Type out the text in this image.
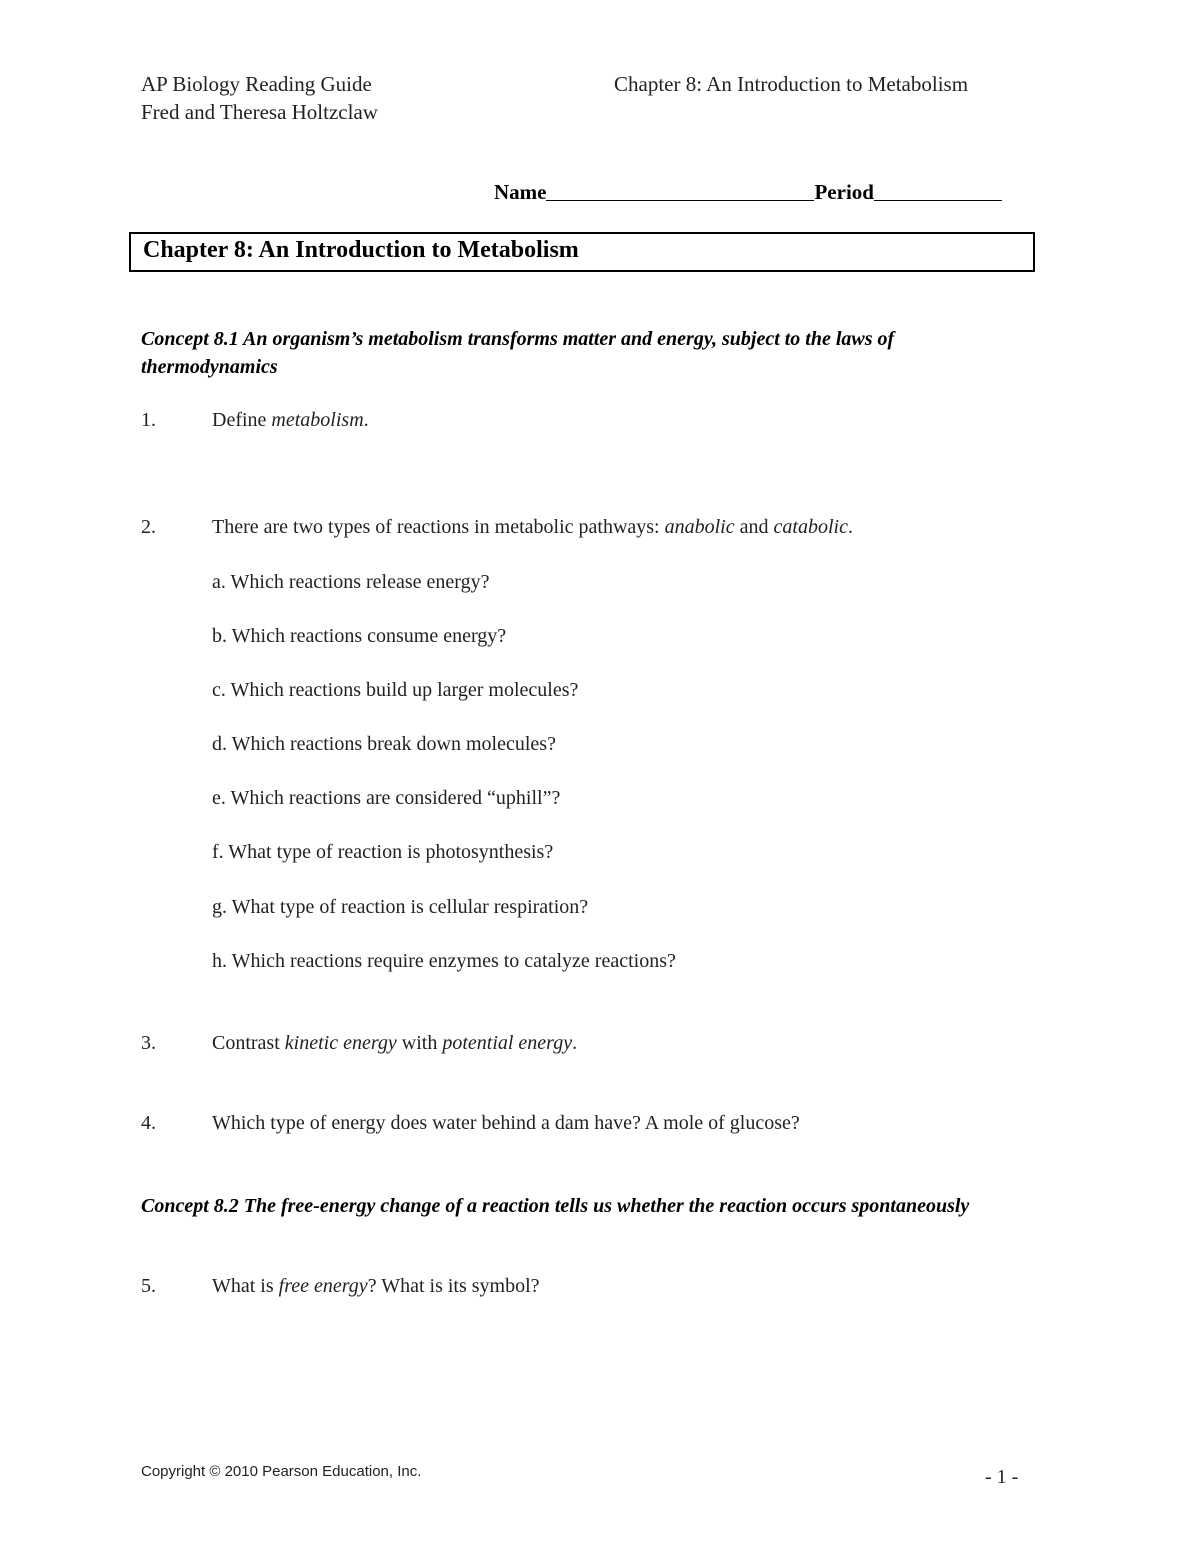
AP Biology Reading Guide
Fred and Theresa Holtzclaw
Chapter 8: An Introduction to Metabolism
Name	Period
Chapter 8: An Introduction to Metabolism
Concept 8.1 An organism’s metabolism transforms matter and energy, subject to the laws of thermodynamics
1.	Define metabolism.
2.	There are two types of reactions in metabolic pathways: anabolic and catabolic.
a. Which reactions release energy?
b. Which reactions consume energy?
c. Which reactions build up larger molecules?
d. Which reactions break down molecules?
e. Which reactions are considered “uphill”?
f. What type of reaction is photosynthesis?
g. What type of reaction is cellular respiration?
h. Which reactions require enzymes to catalyze reactions?
3.	Contrast kinetic energy with potential energy.
4.	Which type of energy does water behind a dam have? A mole of glucose?
Concept 8.2 The free-energy change of a reaction tells us whether the reaction occurs spontaneously
5.	What is free energy? What is its symbol?
Copyright © 2010 Pearson Education, Inc.	- 1 -
